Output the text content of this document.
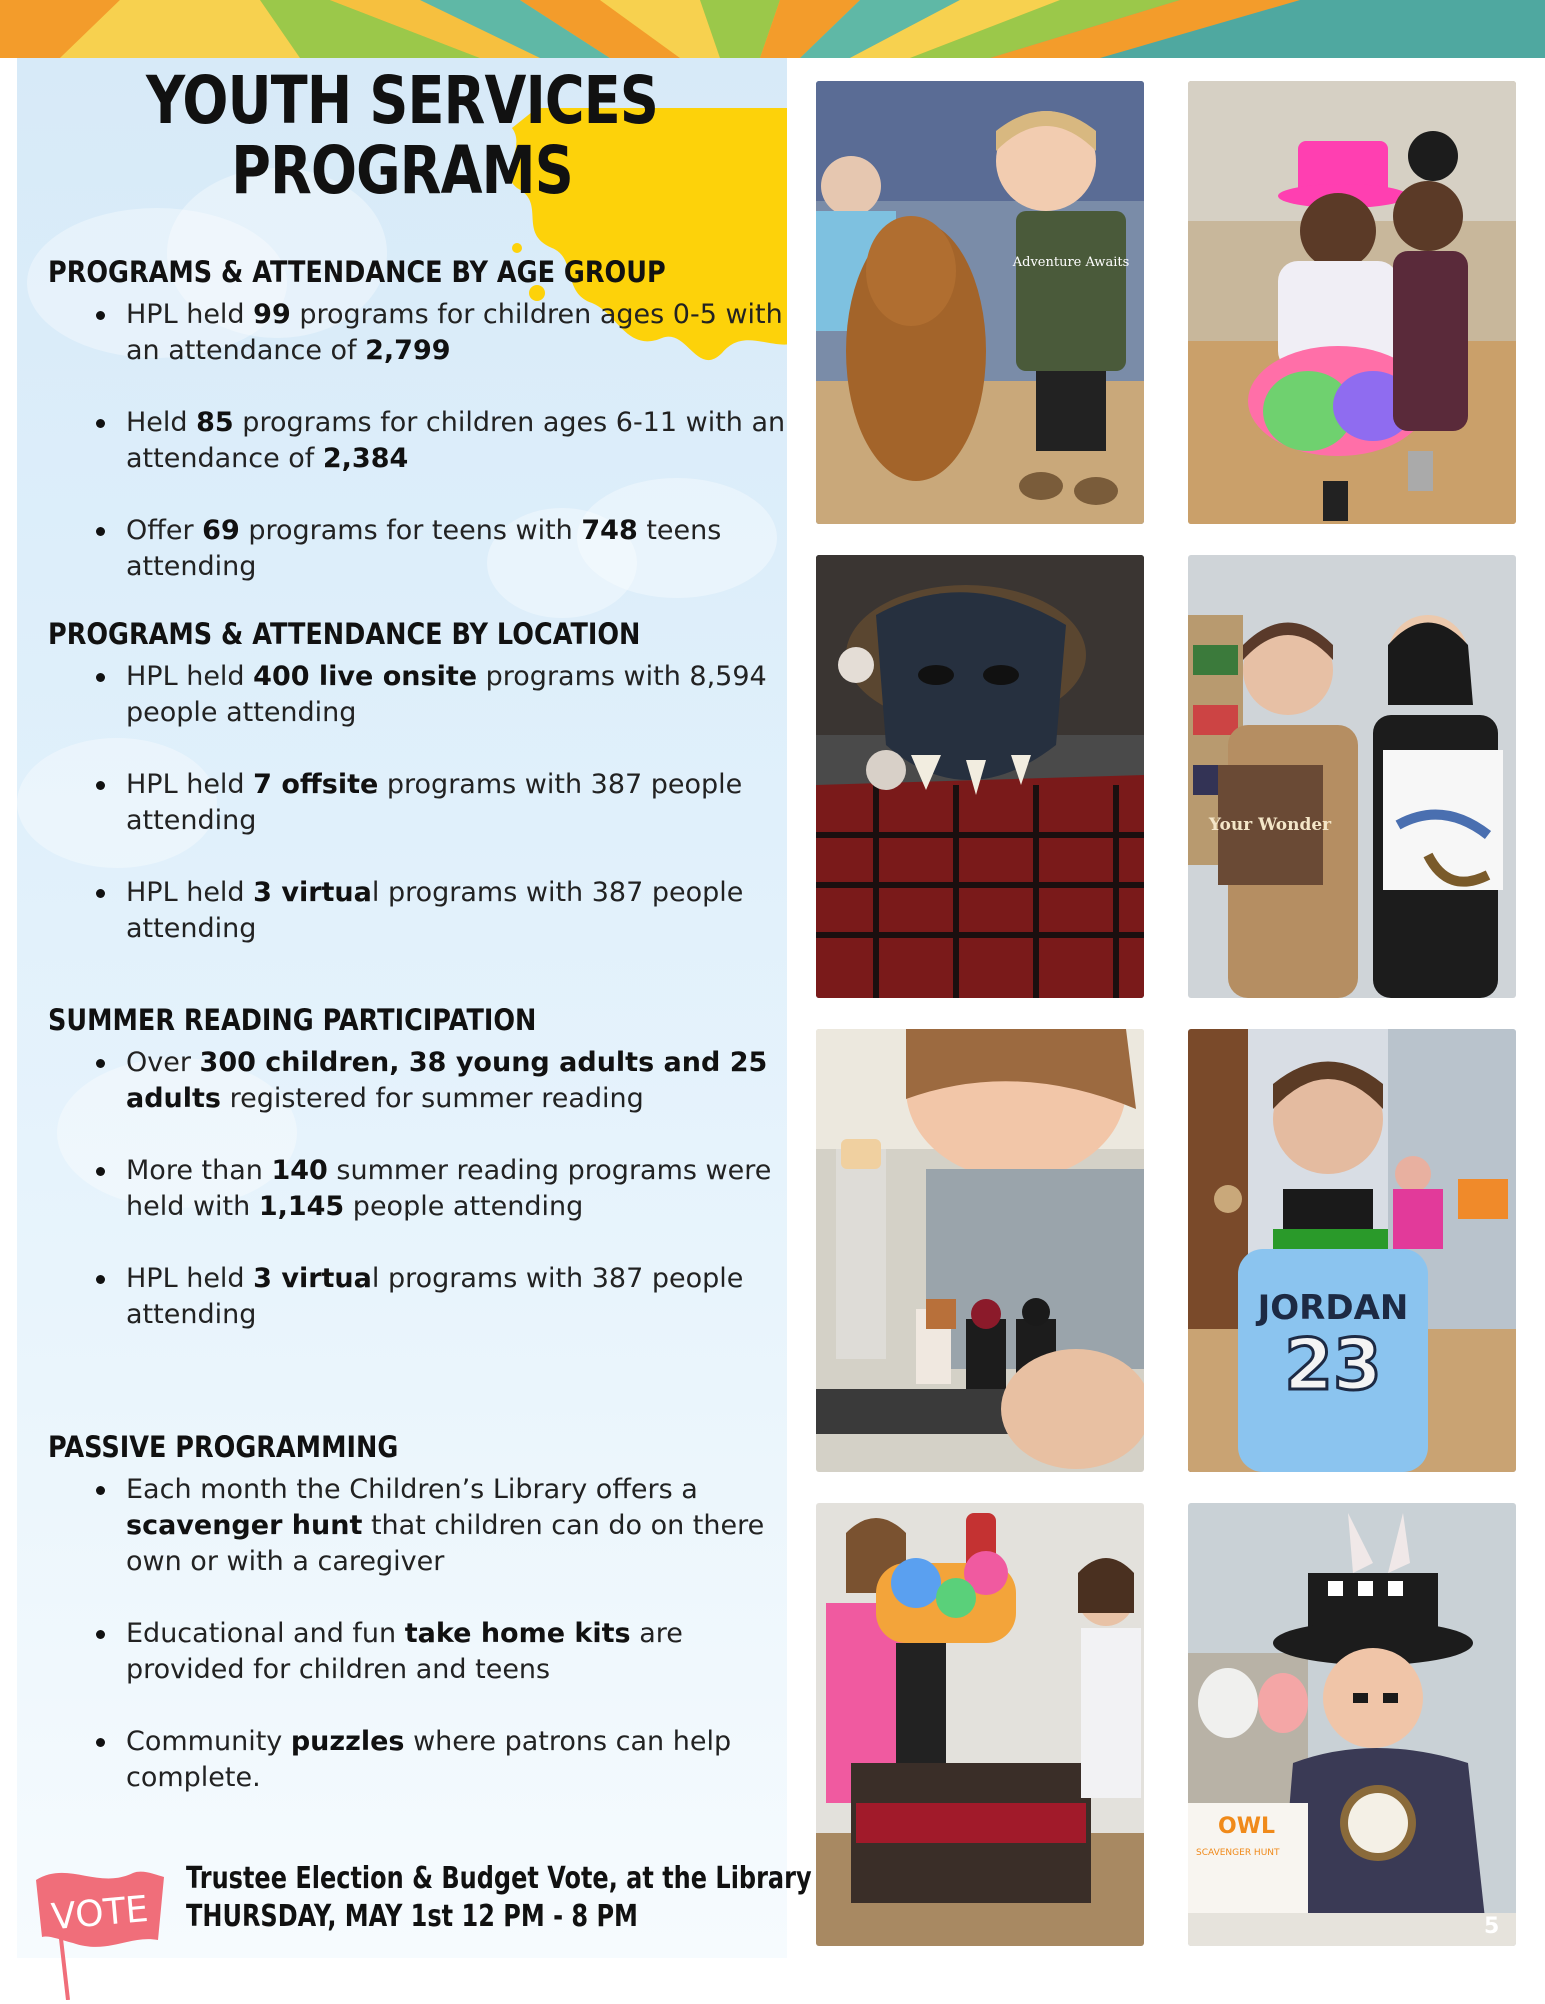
YOUTH SERVICES
PROGRAMS
PROGRAMS & ATTENDANCE BY AGE GROUP
HPL held 99 programs for children ages 0-5 with an attendance of 2,799
Held 85 programs for children ages 6-11 with an attendance of 2,384
Offer 69 programs for teens with 748 teens attending
PROGRAMS & ATTENDANCE BY LOCATION
HPL held 400 live onsite programs with 8,594 people attending
HPL held 7 offsite programs with 387 people attending
HPL held 3 virtual programs with 387 people attending
SUMMER READING PARTICIPATION
Over 300 children, 38 young adults and 25 adults registered for summer reading
More than 140 summer reading programs were held with 1,145 people attending
HPL held 3 virtual programs with 387 people attending
PASSIVE PROGRAMMING
Each month the Children’s Library offers a scavenger hunt that children can do on there own or with a caregiver
Educational and fun take home kits are provided for children and teens
Community puzzles where patrons can help complete.
VOTE
Trustee Election & Budget Vote, at the Library
THURSDAY, MAY 1st 12 PM - 8 PM
Adventure Awaits
Your Wonder
JORDAN
23
OWL
SCAVENGER HUNT
5
